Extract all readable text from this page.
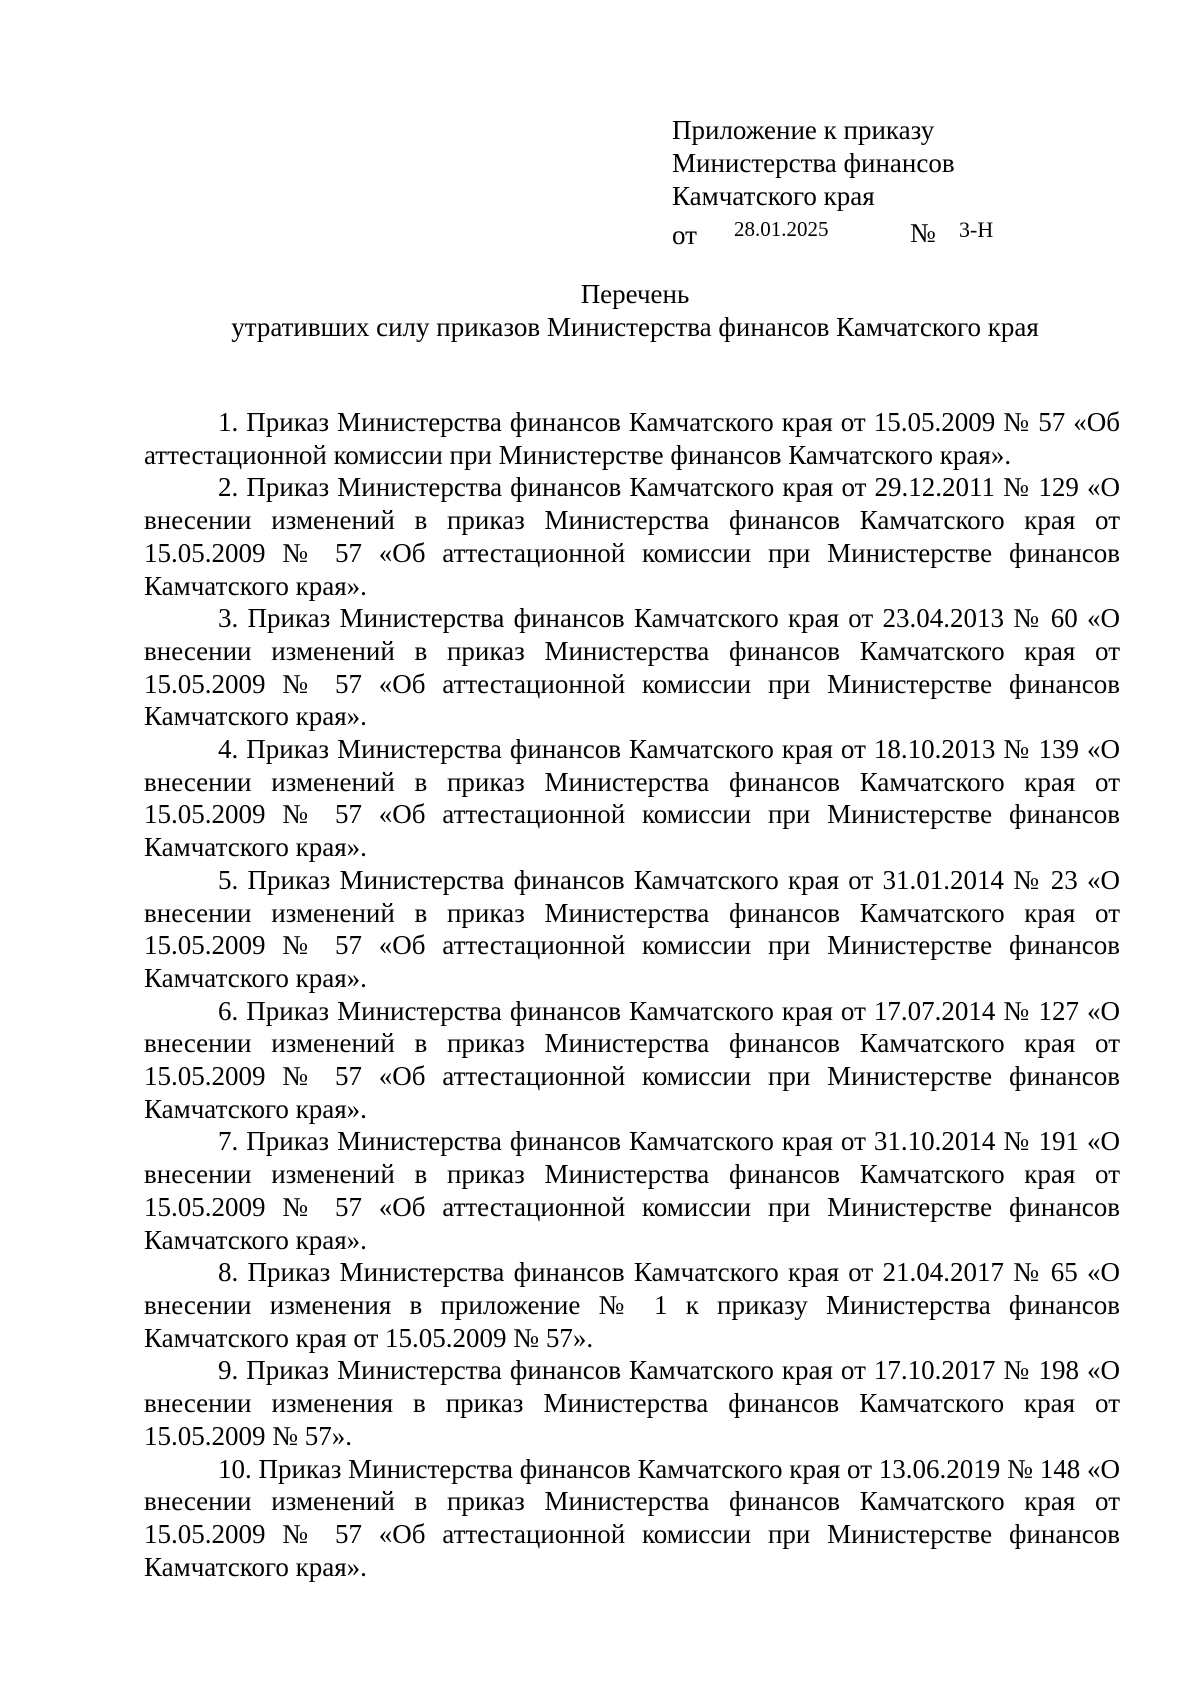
Приложение к приказу
Министерства финансов
Камчатского края
от 28.01.2025	№ 3-Н
Перечень
утративших силу приказов Министерства финансов Камчатского края

1. Приказ Министерства финансов Камчатского края от 15.05.2009 № 57 «Об аттестационной комиссии при Министерстве финансов Камчатского края».

2. Приказ Министерства финансов Камчатского края от 29.12.2011 № 129 «О внесении изменений в приказ Министерства финансов Камчатского края от 15.05.2009 № 57 «Об аттестационной комиссии при Министерстве финансов Камчатского края».

3. Приказ Министерства финансов Камчатского края от 23.04.2013 № 60 «О внесении изменений в приказ Министерства финансов Камчатского края от 15.05.2009 № 57 «Об аттестационной комиссии при Министерстве финансов Камчатского края».

4. Приказ Министерства финансов Камчатского края от 18.10.2013 № 139 «О внесении изменений в приказ Министерства финансов Камчатского края от 15.05.2009 № 57 «Об аттестационной комиссии при Министерстве финансов Камчатского края».

5. Приказ Министерства финансов Камчатского края от 31.01.2014 № 23 «О внесении изменений в приказ Министерства финансов Камчатского края от 15.05.2009 № 57 «Об аттестационной комиссии при Министерстве финансов Камчатского края».

6. Приказ Министерства финансов Камчатского края от 17.07.2014 № 127 «О внесении изменений в приказ Министерства финансов Камчатского края от 15.05.2009 № 57 «Об аттестационной комиссии при Министерстве финансов Камчатского края».

7. Приказ Министерства финансов Камчатского края от 31.10.2014 № 191 «О внесении изменений в приказ Министерства финансов Камчатского края от 15.05.2009 № 57 «Об аттестационной комиссии при Министерстве финансов Камчатского края».

8. Приказ Министерства финансов Камчатского края от 21.04.2017 № 65 «О внесении изменения в приложение № 1 к приказу Министерства финансов Камчатского края от 15.05.2009 № 57».

9. Приказ Министерства финансов Камчатского края от 17.10.2017 № 198 «О внесении изменения в приказ Министерства финансов Камчатского края от 15.05.2009 № 57».

10. Приказ Министерства финансов Камчатского края от 13.06.2019 № 148 «О внесении изменений в приказ Министерства финансов Камчатского края от 15.05.2009 № 57 «Об аттестационной комиссии при Министерстве финансов Камчатского края».
